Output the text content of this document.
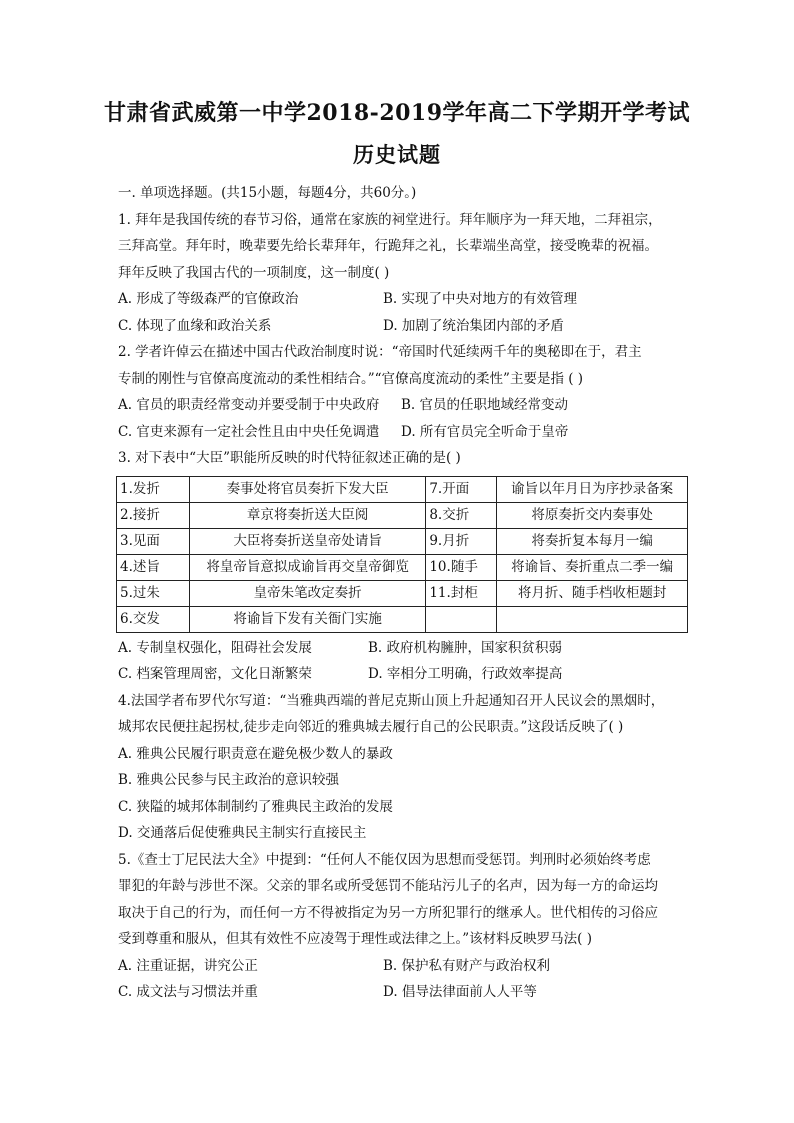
甘肃省武威第一中学2018-2019学年高二下学期开学考试
历史试题

一. 单项选择题。(共15小题，每题4分，共60分。)

1. 拜年是我国传统的春节习俗，通常在家族的祠堂进行。拜年顺序为一拜天地，二拜祖宗，

三拜高堂。拜年时，晚辈要先给长辈拜年，行跪拜之礼，长辈端坐高堂，接受晚辈的祝福。

拜年反映了我国古代的一项制度，这一制度( )

A. 形成了等级森严的官僚政治	B. 实现了中央对地方的有效管理
C. 体现了血缘和政治关系	D. 加剧了统治集团内部的矛盾

2. 学者许倬云在描述中国古代政治制度时说：“帝国时代延续两千年的奥秘即在于，君主

专制的刚性与官僚高度流动的柔性相结合。”“官僚高度流动的柔性”主要是指 ( )

A. 官员的职责经常变动并要受制于中央政府	B. 官员的任职地域经常变动
C. 官吏来源有一定社会性且由中央任免调遣	D. 所有官员完全听命于皇帝

3. 对下表中“大臣”职能所反映的时代特征叙述正确的是( )

1.发折	奏事处将官员奏折下发大臣	7.开面	谕旨以年月日为序抄录备案
2.接折	章京将奏折送大臣阅	8.交折	将原奏折交内奏事处
3.见面	大臣将奏折送皇帝处请旨	9.月折	将奏折复本每月一编
4.述旨	将皇帝旨意拟成谕旨再交皇帝御览	10.随手	将谕旨、奏折重点二季一编
5.过朱	皇帝朱笔改定奏折	11.封柜	将月折、随手档收柜题封
6.交发	将谕旨下发有关衙门实施		
A. 专制皇权强化，阻碍社会发展	B. 政府机构臃肿，国家积贫积弱
C. 档案管理周密，文化日渐繁荣	D. 宰相分工明确，行政效率提高

4.法国学者布罗代尔写道：“当雅典西端的普尼克斯山顶上升起通知召开人民议会的黑烟时，

城邦农民便拄起拐杖,徒步走向邻近的雅典城去履行自己的公民职责。”这段话反映了( )

A. 雅典公民履行职责意在避免极少数人的暴政

B. 雅典公民参与民主政治的意识较强

C. 狭隘的城邦体制制约了雅典民主政治的发展

D. 交通落后促使雅典民主制实行直接民主

5.《查士丁尼民法大全》中提到：“任何人不能仅因为思想而受惩罚。判刑时必须始终考虑

罪犯的年龄与涉世不深。父亲的罪名或所受惩罚不能玷污儿子的名声，因为每一方的命运均

取决于自己的行为，而任何一方不得被指定为另一方所犯罪行的继承人。世代相传的习俗应

受到尊重和服从，但其有效性不应凌驾于理性或法律之上。”该材料反映罗马法( )

A. 注重证据，讲究公正	B. 保护私有财产与政治权利
C. 成文法与习惯法并重	D. 倡导法律面前人人平等
